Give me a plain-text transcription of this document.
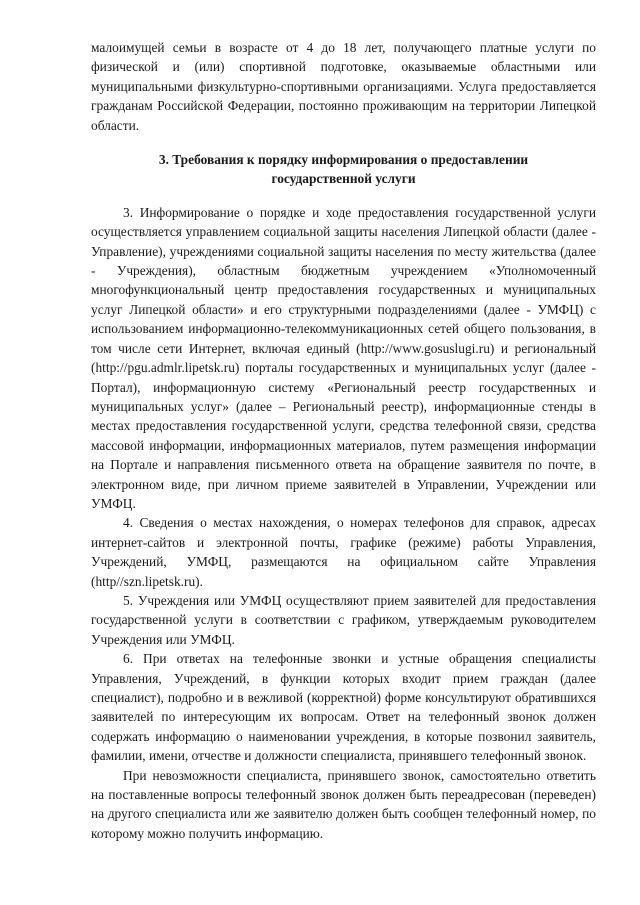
малоимущей семьи в возрасте от 4 до 18 лет, получающего платные услуги по физической и (или) спортивной подготовке, оказываемые областными или муниципальными физкультурно-спортивными организациями. Услуга предоставляется гражданам Российской Федерации, постоянно проживающим на территории Липецкой области.

3. Требования к порядку информирования о предоставлении государственной услуги

3. Информирование о порядке и ходе предоставления государственной услуги осуществляется управлением социальной защиты населения Липецкой области (далее - Управление), учреждениями социальной защиты населения по месту жительства (далее - Учреждения), областным бюджетным учреждением «Уполномоченный многофункциональный центр предоставления государственных и муниципальных услуг Липецкой области» и его структурными подразделениями (далее - УМФЦ) с использованием информационно-телекоммуникационных сетей общего пользования, в том числе сети Интернет, включая единый (http://www.gosuslugi.ru) и региональный (http://pgu.admlr.lipetsk.ru) порталы государственных и муниципальных услуг (далее - Портал), информационную систему «Региональный реестр государственных и муниципальных услуг» (далее – Региональный реестр), информационные стенды в местах предоставления государственной услуги, средства телефонной связи, средства массовой информации, информационных материалов, путем размещения информации на Портале и направления письменного ответа на обращение заявителя по почте, в электронном виде, при личном приеме заявителей в Управлении, Учреждении или УМФЦ.

4. Сведения о местах нахождения, о номерах телефонов для справок, адресах интернет-сайтов и электронной почты, графике (режиме) работы Управления, Учреждений, УМФЦ, размещаются на официальном сайте Управления (http//szn.lipetsk.ru).

5. Учреждения или УМФЦ осуществляют прием заявителей для предоставления государственной услуги в соответствии с графиком, утверждаемым руководителем Учреждения или УМФЦ.

6. При ответах на телефонные звонки и устные обращения специалисты Управления, Учреждений, в функции которых входит прием граждан (далее специалист), подробно и в вежливой (корректной) форме консультируют обратившихся заявителей по интересующим их вопросам. Ответ на телефонный звонок должен содержать информацию о наименовании учреждения, в которые позвонил заявитель, фамилии, имени, отчестве и должности специалиста, принявшего телефонный звонок.

При невозможности специалиста, принявшего звонок, самостоятельно ответить на поставленные вопросы телефонный звонок должен быть переадресован (переведен) на другого специалиста или же заявителю должен быть сообщен телефонный номер, по которому можно получить информацию.
